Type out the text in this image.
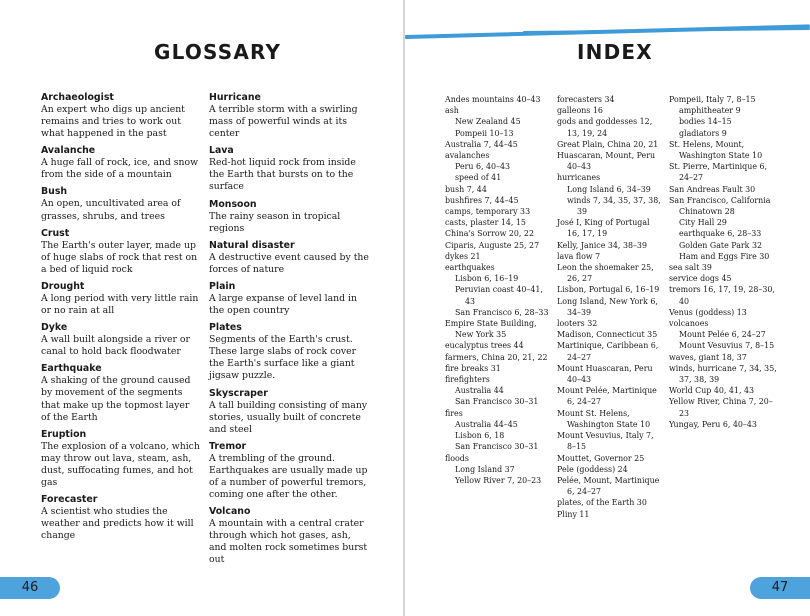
GLOSSARY

Archaeologist

An expert who digs up ancient remains and tries to work out what happened in the past

Avalanche

A huge fall of rock, ice, and snow from the side of a mountain

Bush

An open, uncultivated area of grasses, shrubs, and trees

Crust

The Earth's outer layer, made up of huge slabs of rock that rest on a bed of liquid rock

Drought

A long period with very little rain or no rain at all

Dyke

A wall built alongside a river or canal to hold back floodwater

Earthquake

A shaking of the ground caused by movement of the segments that make up the topmost layer of the Earth

Eruption

The explosion of a volcano, which may throw out lava, steam, ash, dust, suffocating fumes, and hot gas

Forecaster

A scientist who studies the weather and predicts how it will change

Hurricane

A terrible storm with a swirling mass of powerful winds at its center

Lava

Red-hot liquid rock from inside the Earth that bursts on to the surface

Monsoon

The rainy season in tropical regions

Natural disaster

A destructive event caused by the forces of nature

Plain

A large expanse of level land in the open country

Plates

Segments of the Earth's crust. These large slabs of rock cover the Earth's surface like a giant jigsaw puzzle.

Skyscraper

A tall building consisting of many stories, usually built of concrete and steel

Tremor

A trembling of the ground. Earthquakes are usually made up of a number of powerful tremors, coming one after the other.

Volcano

A mountain with a central crater through which hot gases, ash, and molten rock sometimes burst out

46
INDEX
Andes mountains 40–43
ash
New Zealand 45
Pompeii 10–13
Australia 7, 44–45
avalanches
Peru 6, 40–43
speed of 41
bush 7, 44
bushfires 7, 44–45
camps, temporary 33
casts, plaster 14, 15
China's Sorrow 20, 22
Ciparis, Auguste 25, 27
dykes 21
earthquakes
Lisbon 6, 16–19
Peruvian coast 40–41, 43
San Francisco 6, 28–33
Empire State Building, New York 35
eucalyptus trees 44
farmers, China 20, 21, 22
fire breaks 31
firefighters
Australia 44
San Francisco 30–31
fires
Australia 44–45
Lisbon 6, 18
San Francisco 30–31
floods
Long Island 37
Yellow River 7, 20–23
forecasters 34
galleons 16
gods and goddesses 12, 13, 19, 24
Great Plain, China 20, 21
Huascaran, Mount, Peru 40–43
hurricanes
Long Island 6, 34–39
winds 7, 34, 35, 37, 38, 39
José I, King of Portugal 16, 17, 19
Kelly, Janice 34, 38–39
lava flow 7
Leon the shoemaker 25, 26, 27
Lisbon, Portugal 6, 16–19
Long Island, New York 6, 34–39
looters 32
Madison, Connecticut 35
Martinique, Caribbean 6, 24–27
Mount Huascaran, Peru 40–43
Mount Pelée, Martinique 6, 24–27
Mount St. Helens, Washington State 10
Mount Vesuvius, Italy 7, 8–15
Mouttet, Governor 25
Pele (goddess) 24
Pelée, Mount, Martinique 6, 24–27
plates, of the Earth 30
Pliny 11
Pompeii, Italy 7, 8–15
amphitheater 9
bodies 14–15
gladiators 9
St. Helens, Mount, Washington State 10
St. Pierre, Martinique 6, 24–27
San Andreas Fault 30
San Francisco, California
Chinatown 28
City Hall 29
earthquake 6, 28–33
Golden Gate Park 32
Ham and Eggs Fire 30
sea salt 39
service dogs 45
tremors 16, 17, 19, 28–30, 40
Venus (goddess) 13
volcanoes
Mount Pelée 6, 24–27
Mount Vesuvius 7, 8–15
waves, giant 18, 37
winds, hurricane 7, 34, 35, 37, 38, 39
World Cup 40, 41, 43
Yellow River, China 7, 20–23
Yungay, Peru 6, 40–43
47
